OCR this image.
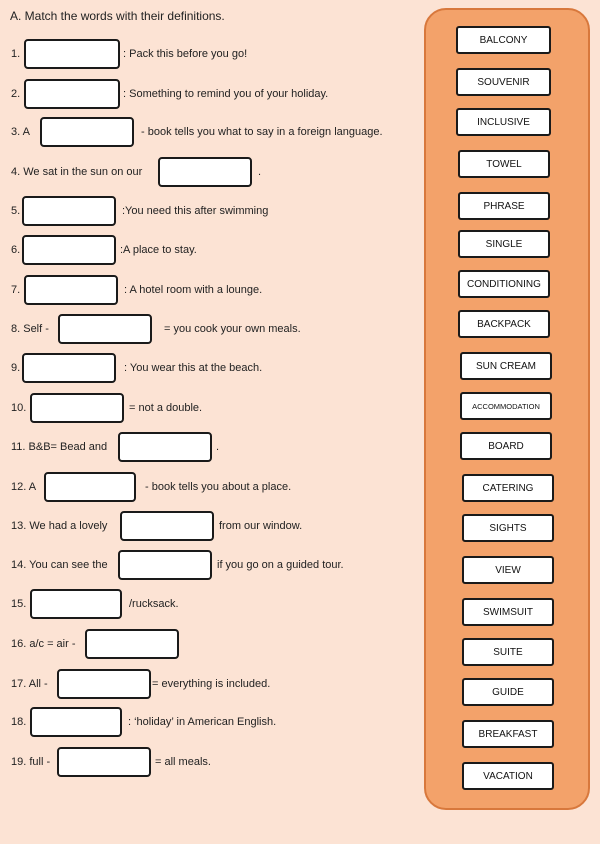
A. Match the words with their definitions.
1.	: Pack this before you go!
2.	: Something to remind you of your holiday.
3. A	- book tells you what to say in a foreign language.
4. We sat in the sun on our	.
5.	:You need this after swimming
6.	:A place to stay.
7.	: A hotel room with a lounge.
8. Self -	= you cook your own meals.
9.	: You wear this at the beach.
10.	= not a double.
11. B&B= Bead and	.
12. A	- book tells you about a place.
13. We had a lovely	from our window.
14. You can see the	if you go on a guided tour.
15.	/rucksack.
16. a/c = air -
17. All -	= everything is included.
18.	: ‘holiday’ in American English.
19. full -	= all meals.
BALCONY
SOUVENIR
INCLUSIVE
TOWEL
PHRASE
SINGLE
CONDITIONING
BACKPACK
SUN CREAM
ACCOMMODATION
BOARD
CATERING
SIGHTS
VIEW
SWIMSUIT
SUITE
GUIDE
BREAKFAST
VACATION
